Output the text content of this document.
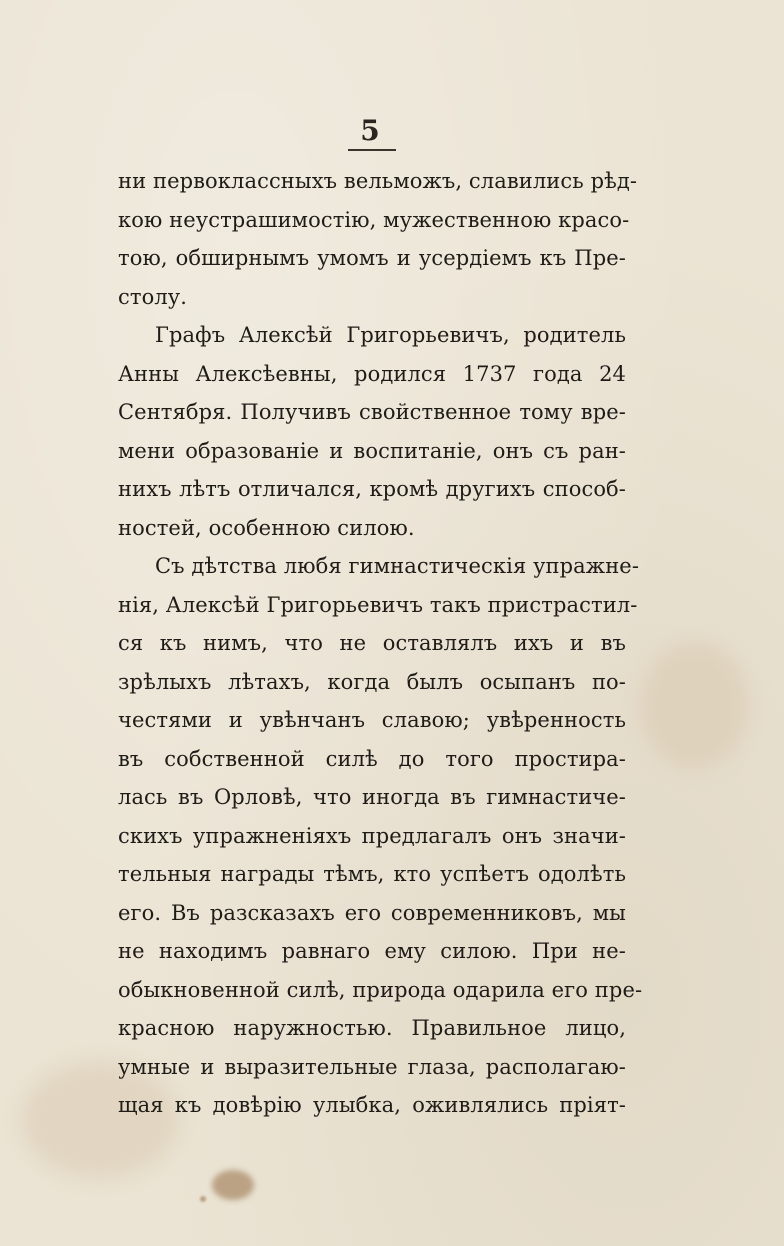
5
ни первоклассныхъ вельможъ, славились рѣд-
кою неустрашимостію, мужественною красо-
тою, обширнымъ умомъ и усердіемъ къ Пре-
столу.
Графъ Алексѣй Григорьевичъ, родитель
Анны Алексѣевны, родился 1737 года 24
Сентября. Получивъ свойственное тому вре-
мени образованіе и воспитаніе, онъ съ ран-
нихъ лѣтъ отличался, кромѣ другихъ способ-
ностей, особенною силою.
Съ дѣтства любя гимнастическія упражне-
нія, Алексѣй Григорьевичъ такъ пристрастил-
ся къ нимъ, что не оставлялъ ихъ и въ
зрѣлыхъ лѣтахъ, когда былъ осыпанъ по-
честями и увѣнчанъ славою; увѣренность
въ собственной силѣ до того простира-
лась въ Орловѣ, что иногда въ гимнастиче-
скихъ упражненіяхъ предлагалъ онъ значи-
тельныя награды тѣмъ, кто успѣетъ одолѣть
его. Въ разсказахъ его современниковъ, мы
не находимъ равнаго ему силою. При не-
обыкновенной силѣ, природа одарила его пре-
красною наружностью. Правильное лицо,
умные и выразительные глаза, располагаю-
щая къ довѣрію улыбка, оживлялись пріят-
